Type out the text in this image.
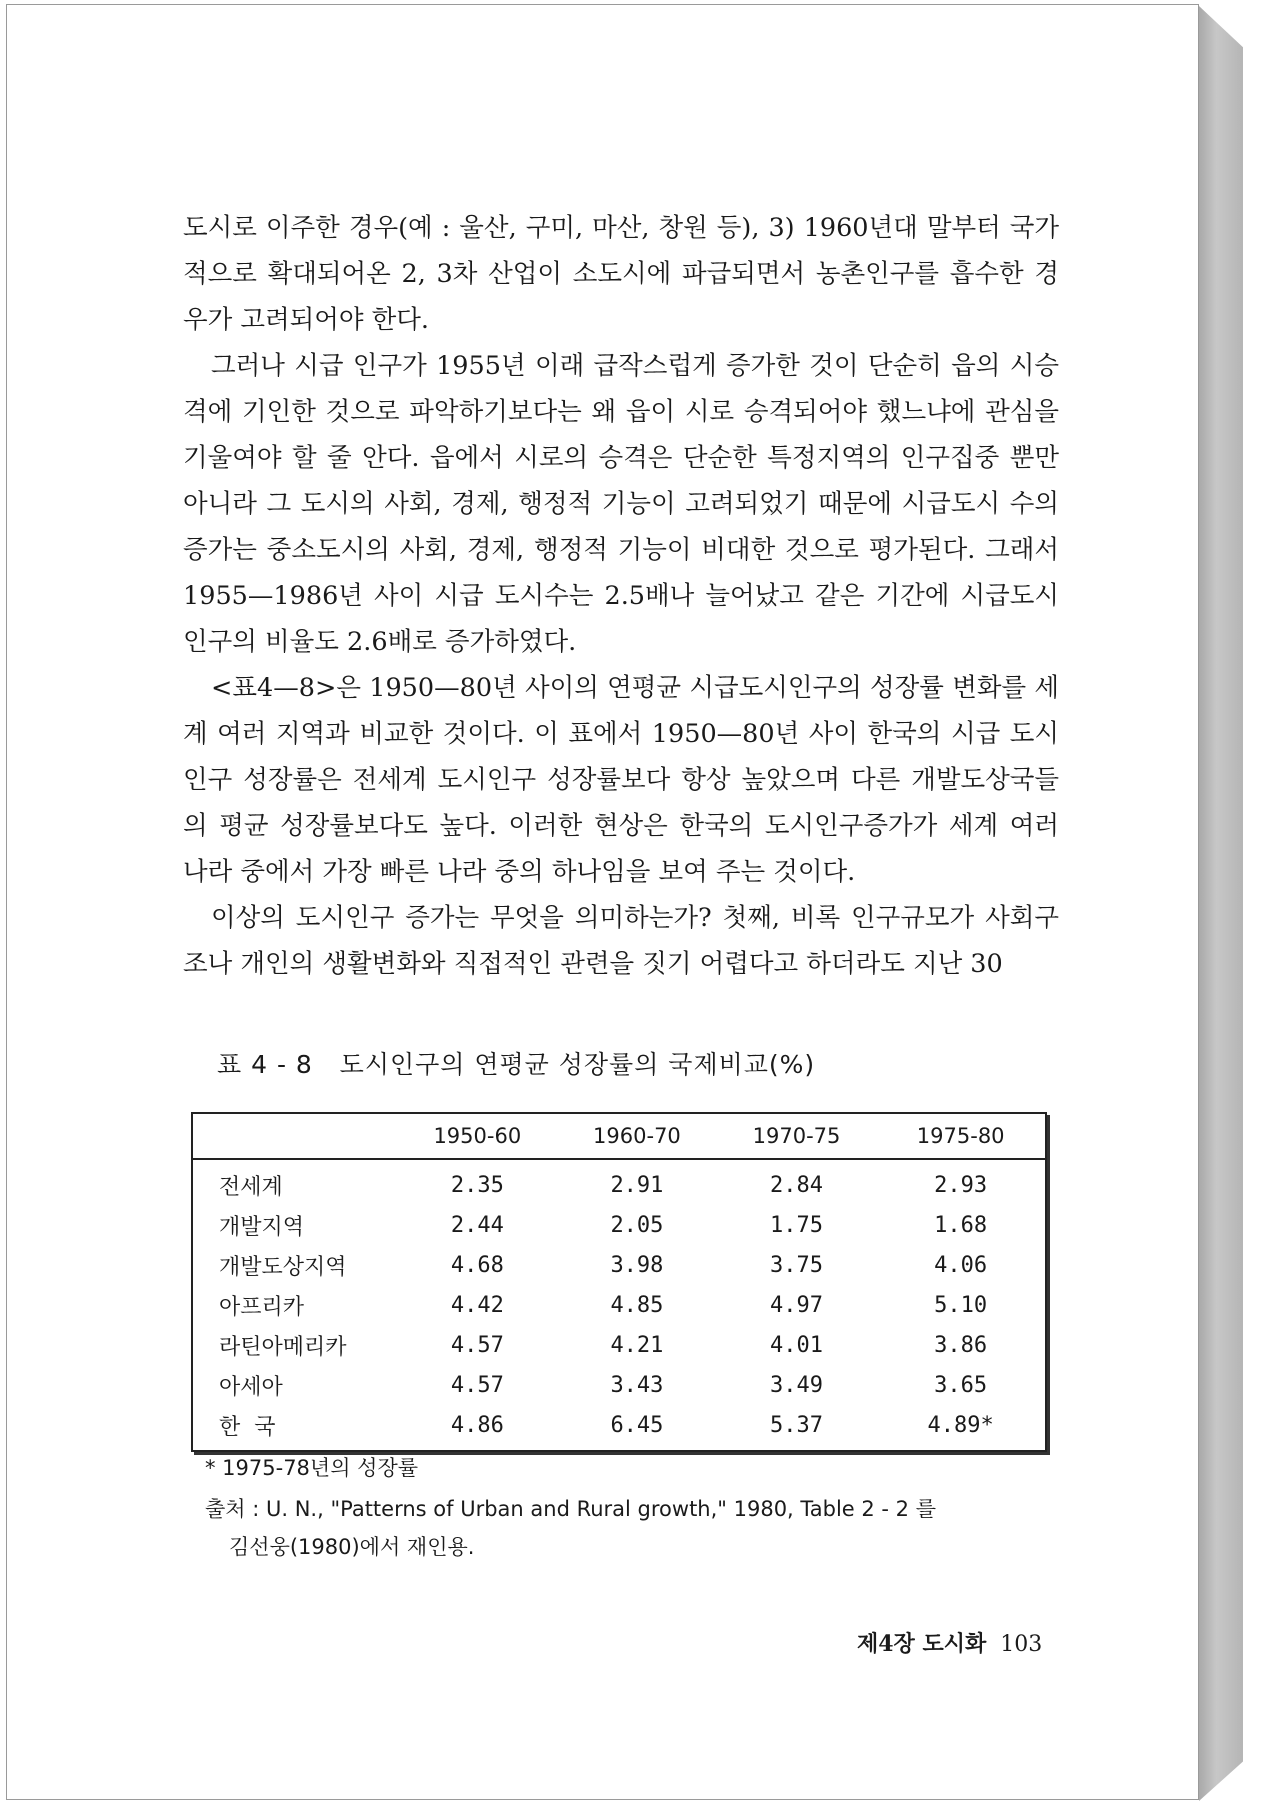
도시로 이주한 경우(예 : 울산, 구미, 마산, 창원 등), 3) 1960년대 말부터 국가적으로 확대되어온 2, 3차 산업이 소도시에 파급되면서 농촌인구를 흡수한 경우가 고려되어야 한다.

그러나 시급 인구가 1955년 이래 급작스럽게 증가한 것이 단순히 읍의 시승격에 기인한 것으로 파악하기보다는 왜 읍이 시로 승격되어야 했느냐에 관심을 기울여야 할 줄 안다. 읍에서 시로의 승격은 단순한 특정지역의 인구집중 뿐만 아니라 그 도시의 사회, 경제, 행정적 기능이 고려되었기 때문에 시급도시 수의 증가는 중소도시의 사회, 경제, 행정적 기능이 비대한 것으로 평가된다. 그래서 1955—1986년 사이 시급 도시수는 2.5배나 늘어났고 같은 기간에 시급도시인구의 비율도 2.6배로 증가하였다.

<표4—8>은 1950—80년 사이의 연평균 시급도시인구의 성장률 변화를 세계 여러 지역과 비교한 것이다. 이 표에서 1950—80년 사이 한국의 시급 도시인구 성장률은 전세계 도시인구 성장률보다 항상 높았으며 다른 개발도상국들의 평균 성장률보다도 높다. 이러한 현상은 한국의 도시인구증가가 세계 여러 나라 중에서 가장 빠른 나라 중의 하나임을 보여 주는 것이다.

이상의 도시인구 증가는 무엇을 의미하는가? 첫째, 비록 인구규모가 사회구조나 개인의 생활변화와 직접적인 관련을 짓기 어렵다고 하더라도 지난 30

표 4 - 8   도시인구의 연평균 성장률의 국제비교(%)
	1950-60	1960-70	1970-75	1975-80
전세계	2.35	2.91	2.84	2.93
개발지역	2.44	2.05	1.75	1.68
개발도상지역	4.68	3.98	3.75	4.06
아프리카	4.42	4.85	4.97	5.10
라틴아메리카	4.57	4.21	4.01	3.86
아세아	4.57	3.43	3.49	3.65
한  국	4.86	6.45	5.37	4.89*
* 1975-78년의 성장률
출처 : U. N., "Patterns of Urban and Rural growth," 1980, Table 2 - 2 를
김선웅(1980)에서 재인용.
제4장 도시화 103
